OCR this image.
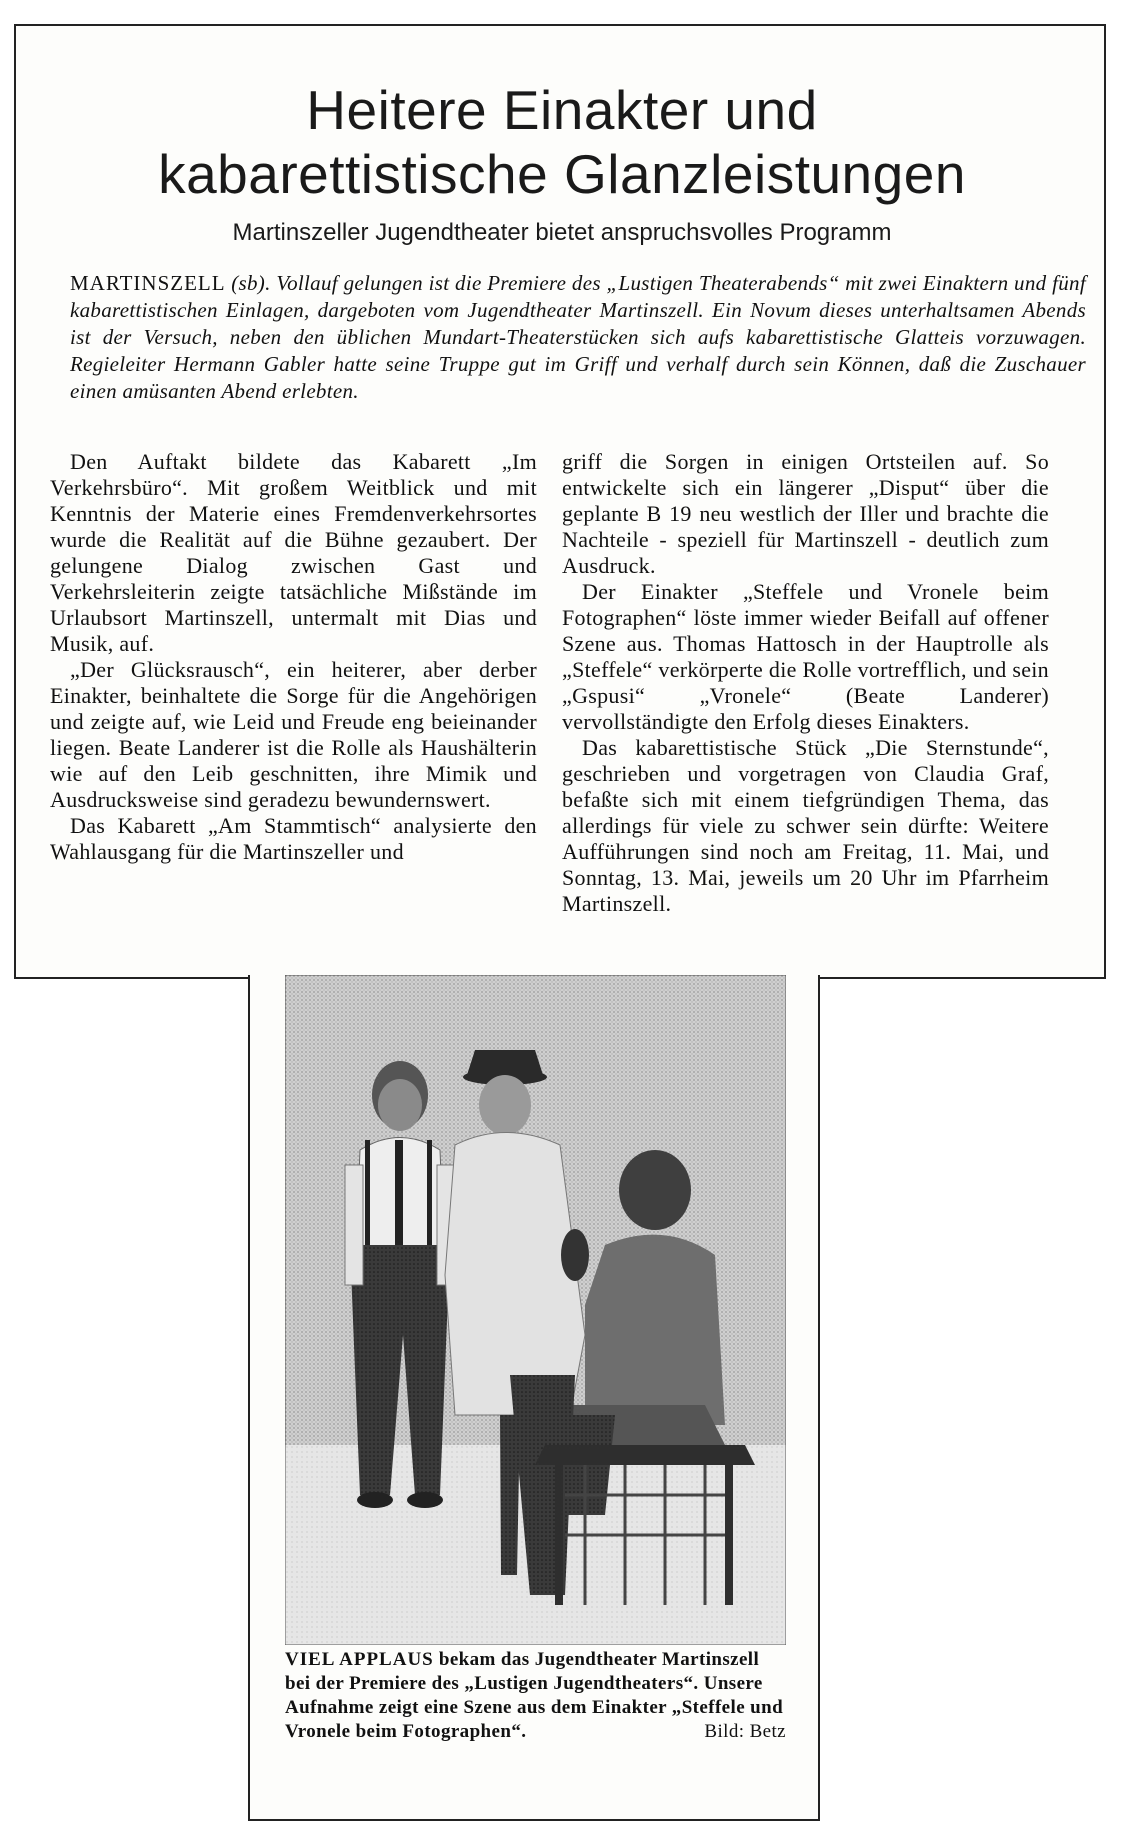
Heitere Einakter und
kabarettistische Glanzleistungen
Martinszeller Jugendtheater bietet anspruchsvolles Programm
MARTINSZELL (sb). Vollauf gelungen ist die Premiere des „Lustigen Theaterabends“ mit zwei Einaktern und fünf kabarettistischen Einlagen, dargeboten vom Jugendtheater Martinszell. Ein Novum dieses unterhaltsamen Abends ist der Versuch, neben den üblichen Mundart-Theaterstücken sich aufs kabarettistische Glatteis vorzuwagen. Regieleiter Hermann Gabler hatte seine Truppe gut im Griff und verhalf durch sein Können, daß die Zuschauer einen amüsanten Abend erlebten.

Den Auftakt bildete das Kabarett „Im Verkehrsbüro“. Mit großem Weitblick und mit Kenntnis der Materie eines Fremdenverkehrsortes wurde die Realität auf die Bühne gezaubert. Der gelungene Dialog zwischen Gast und Verkehrsleiterin zeigte tatsächliche Mißstände im Urlaubsort Martinszell, untermalt mit Dias und Musik, auf.

„Der Glücksrausch“, ein heiterer, aber derber Einakter, beinhaltete die Sorge für die Angehörigen und zeigte auf, wie Leid und Freude eng beieinander liegen. Beate Landerer ist die Rolle als Haushälterin wie auf den Leib geschnitten, ihre Mimik und Ausdrucksweise sind geradezu bewundernswert.

Das Kabarett „Am Stammtisch“ analysierte den Wahlausgang für die Martinszeller und

griff die Sorgen in einigen Ortsteilen auf. So entwickelte sich ein längerer „Disput“ über die geplante B 19 neu westlich der Iller und brachte die Nachteile - speziell für Martinszell - deutlich zum Ausdruck.

Der Einakter „Steffele und Vronele beim Fotographen“ löste immer wieder Beifall auf offener Szene aus. Thomas Hattosch in der Hauptrolle als „Steffele“ verkörperte die Rolle vortrefflich, und sein „Gspusi“ „Vronele“ (Beate Landerer) vervollständigte den Erfolg dieses Einakters.

Das kabarettistische Stück „Die Sternstunde“, geschrieben und vorgetragen von Claudia Graf, befaßte sich mit einem tiefgründigen Thema, das allerdings für viele zu schwer sein dürfte: Weitere Aufführungen sind noch am Freitag, 11. Mai, und Sonntag, 13. Mai, jeweils um 20 Uhr im Pfarrheim Martinszell.

VIEL APPLAUS bekam das Jugendtheater Martinszell bei der Premiere des „Lustigen Jugendtheaters“. Unsere Aufnahme zeigt eine Szene aus dem Einakter „Steffele und Vronele beim Fotographen“.	Bild: Betz
